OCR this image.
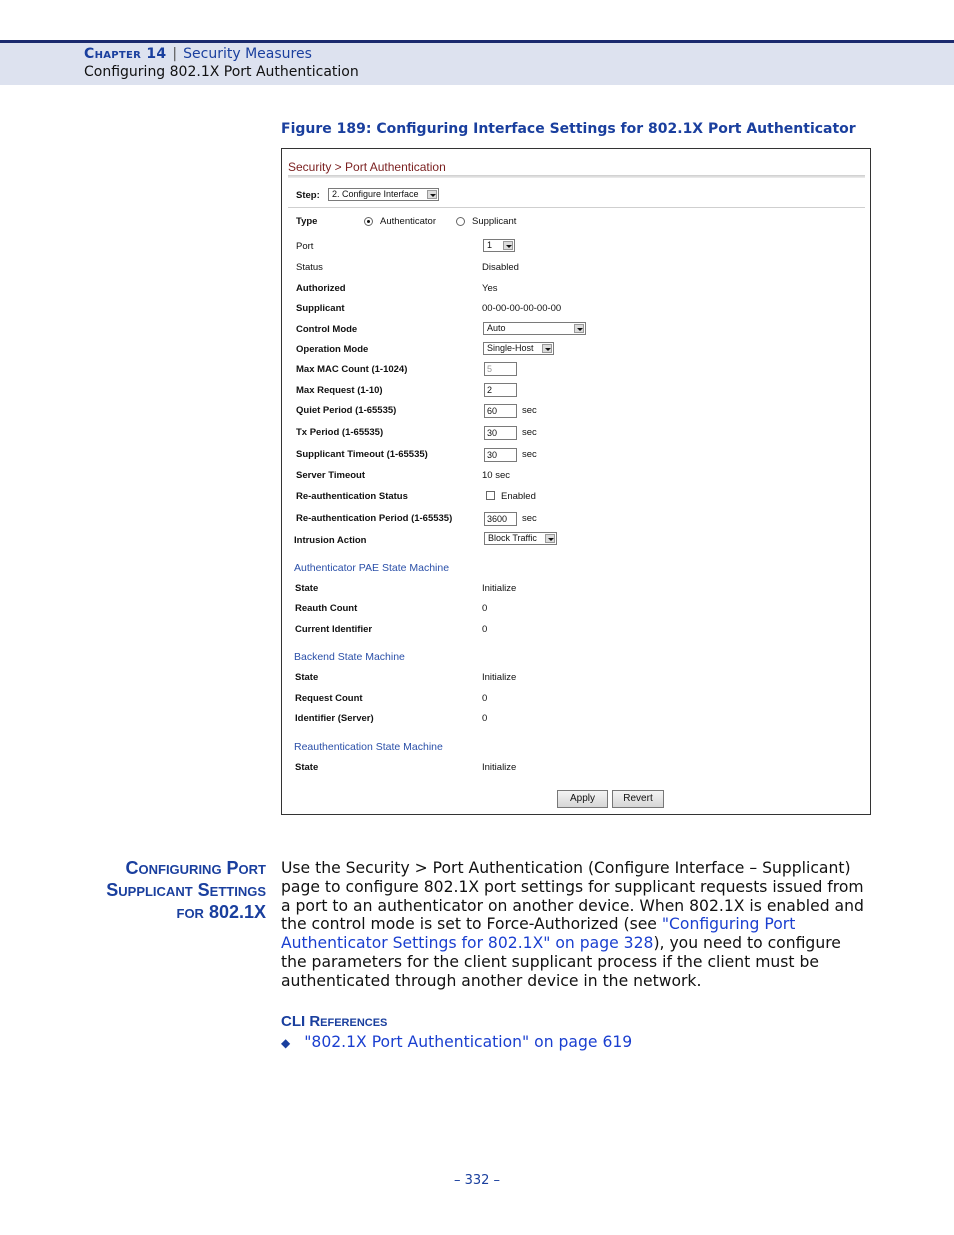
Chapter 14 | Security Measures
Configuring 802.1X Port Authentication
Figure 189: Configuring Interface Settings for 802.1X Port Authenticator
Security > Port Authentication
Step:	2. Configure Interface
Type	Authenticator	Supplicant
Port	1
Status	Disabled
Authorized	Yes
Supplicant	00-00-00-00-00-00
Control Mode	Auto
Operation Mode	Single-Host
Max MAC Count (1-1024)	5
Max Request (1-10)	2
Quiet Period (1-65535)	60	sec
Tx Period (1-65535)	30	sec
Supplicant Timeout (1-65535)	30	sec
Server Timeout	10 sec
Re-authentication Status	Enabled
Re-authentication Period (1-65535)	3600	sec
Intrusion Action	Block Traffic
Authenticator PAE State Machine
State	Initialize
Reauth Count	0
Current Identifier	0
Backend State Machine
State	Initialize
Request Count	0
Identifier (Server)	0
Reauthentication State Machine
State	Initialize
Apply	Revert
Configuring Port
Supplicant Settings
for 802.1X
Use the Security > Port Authentication (Configure Interface – Supplicant) page to configure 802.1X port settings for supplicant requests issued from a port to an authenticator on another device. When 802.1X is enabled and the control mode is set to Force-Authorized (see "Configuring Port Authenticator Settings for 802.1X" on page 328), you need to configure the parameters for the client supplicant process if the client must be authenticated through another device in the network.
CLI References
◆ "802.1X Port Authentication" on page 619
– 332 –
